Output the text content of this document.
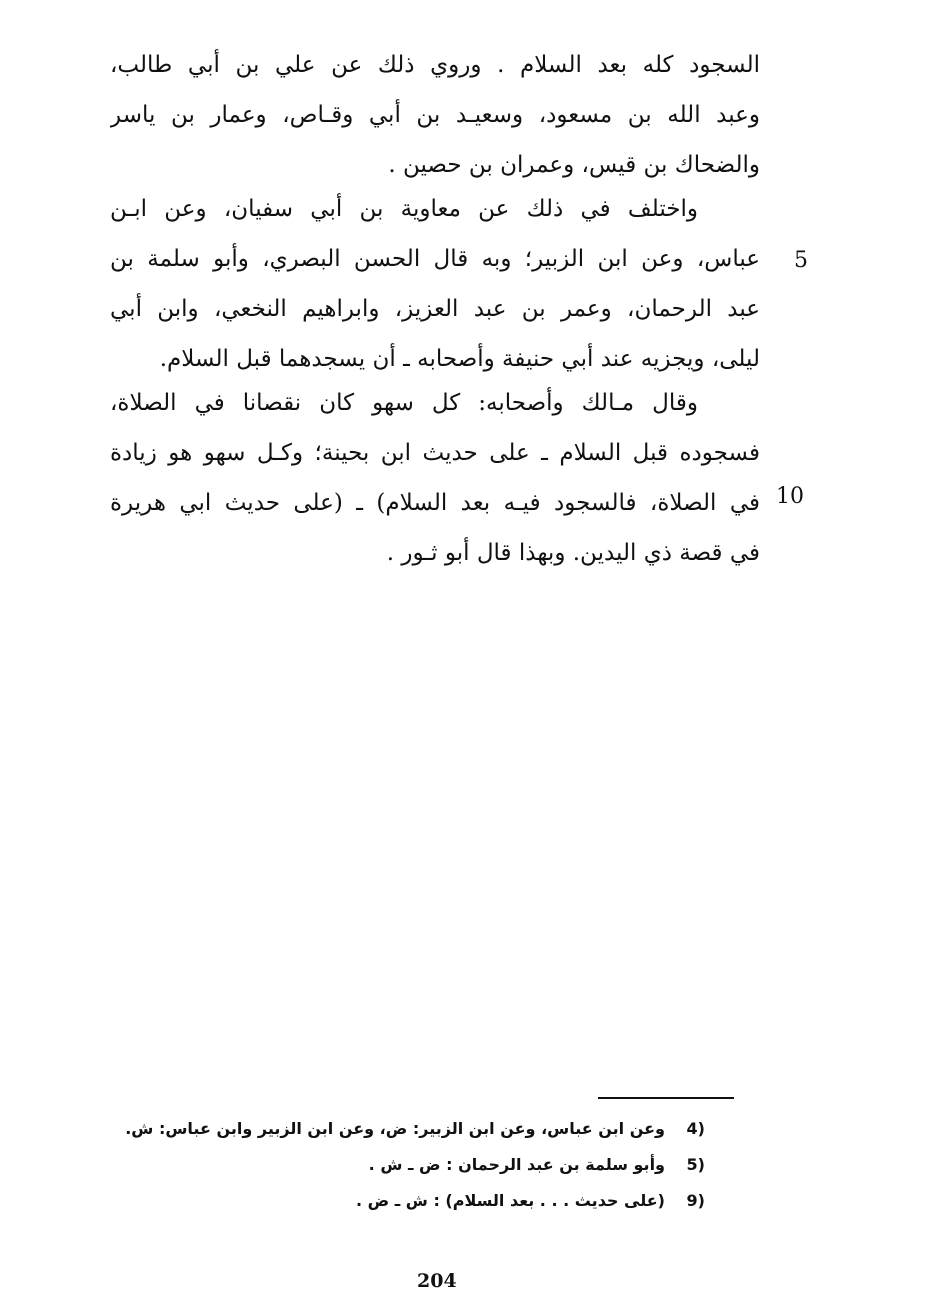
السجود كله بعد السلام . وروي ذلك عن علي بن أبي طالب،
وعبد الله بن مسعود، وسعيـد بن أبي وقـاص، وعمار بن ياسر
والضحاك بن قيس، وعمران بن حصين .
واختلف في ذلك عن معاوية بن أبي سفيان، وعن ابـن
عباس، وعن ابن الزبير؛ وبه قال الحسن البصري، وأبو سلمة بن
عبد الرحمان، وعمر بن عبد العزيز، وابراهيم النخعي، وابن أبي
ليلى، ويجزيه عند أبي حنيفة وأصحابه ـ أن يسجدهما قبل السلام.
وقال مـالك وأصحابه: كل سهو كان نقصانا في الصلاة،
فسجوده قبل السلام ـ على حديث ابن بحينة؛ وكـل سهو هو زيادة
في الصلاة، فالسجود فيـه بعد السلام) ـ (على حديث ابي هريرة
في قصة ذي اليدين. وبهذا قال أبو ثـور .
5
10
4)
وعن ابن عباس، وعن ابن الزبير: ض، وعن ابن الزبير وابن عباس: ش.
5)
وأبو سلمة بن عبد الرحمان : ض ـ ش .
9)
(على حديث . . . بعد السلام) : ش ـ ض .
204
